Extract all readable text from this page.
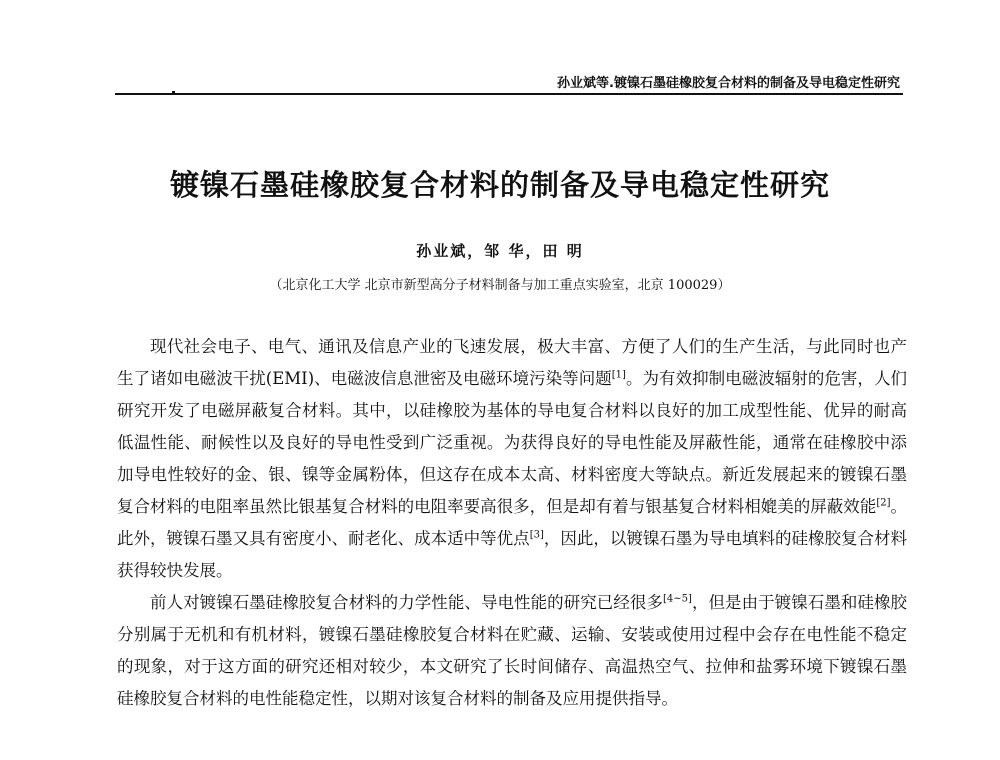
孙业斌等.镀镍石墨硅橡胶复合材料的制备及导电稳定性研究
镀镍石墨硅橡胶复合材料的制备及导电稳定性研究
孙业斌，邹 华，田 明
（北京化工大学 北京市新型高分子材料制备与加工重点实验室，北京 100029）

现代社会电子、电气、通讯及信息产业的飞速发展，极大丰富、方便了人们的生产生活，与此同时也产生了诸如电磁波干扰(EMI)、电磁波信息泄密及电磁环境污染等问题[1]。为有效抑制电磁波辐射的危害，人们研究开发了电磁屏蔽复合材料。其中，以硅橡胶为基体的导电复合材料以良好的加工成型性能、优异的耐高低温性能、耐候性以及良好的导电性受到广泛重视。为获得良好的导电性能及屏蔽性能，通常在硅橡胶中添加导电性较好的金、银、镍等金属粉体，但这存在成本太高、材料密度大等缺点。新近发展起来的镀镍石墨复合材料的电阻率虽然比银基复合材料的电阻率要高很多，但是却有着与银基复合材料相媲美的屏蔽效能[2]。此外，镀镍石墨又具有密度小、耐老化、成本适中等优点[3]，因此，以镀镍石墨为导电填料的硅橡胶复合材料获得较快发展。

前人对镀镍石墨硅橡胶复合材料的力学性能、导电性能的研究已经很多[4~5]，但是由于镀镍石墨和硅橡胶分别属于无机和有机材料，镀镍石墨硅橡胶复合材料在贮藏、运输、安装或使用过程中会存在电性能不稳定的现象，对于这方面的研究还相对较少，本文研究了长时间储存、高温热空气、拉伸和盐雾环境下镀镍石墨硅橡胶复合材料的电性能稳定性，以期对该复合材料的制备及应用提供指导。
